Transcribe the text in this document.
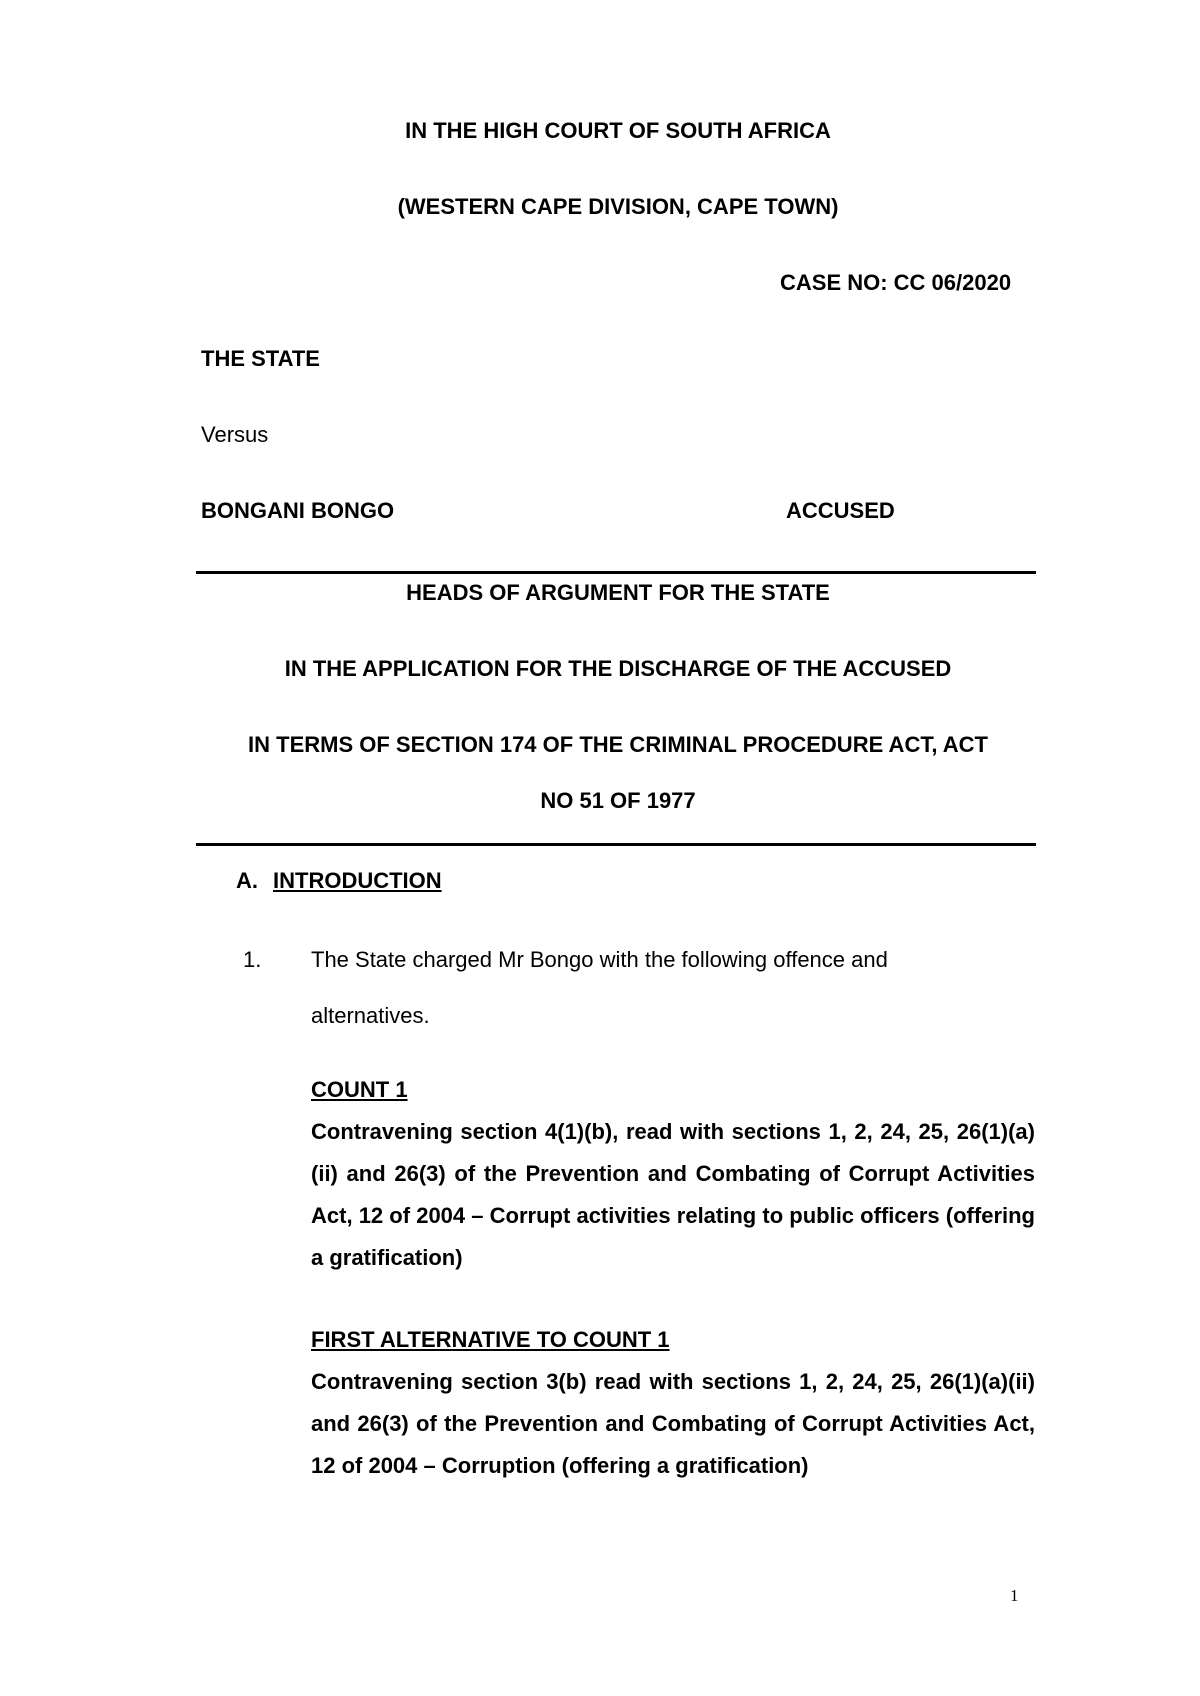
IN THE HIGH COURT OF SOUTH AFRICA
(WESTERN CAPE DIVISION, CAPE TOWN)
CASE NO: CC 06/2020
THE STATE
Versus
BONGANI BONGO	ACCUSED
HEADS OF ARGUMENT FOR THE STATE
IN THE APPLICATION FOR THE DISCHARGE OF THE ACCUSED
IN TERMS OF SECTION 174 OF THE CRIMINAL PROCEDURE ACT, ACT
NO 51 OF 1977
A. INTRODUCTION
1. The State charged Mr Bongo with the following offence and
alternatives.
COUNT 1
Contravening section 4(1)(b), read with sections 1, 2, 24, 25, 26(1)(a)(ii) and 26(3) of the Prevention and Combating of Corrupt Activities Act, 12 of 2004 – Corrupt activities relating to public officers (offering a gratification)
FIRST ALTERNATIVE TO COUNT 1
Contravening section 3(b) read with sections 1, 2, 24, 25, 26(1)(a)(ii) and 26(3) of the Prevention and Combating of Corrupt Activities Act, 12 of 2004 – Corruption (offering a gratification)
1
